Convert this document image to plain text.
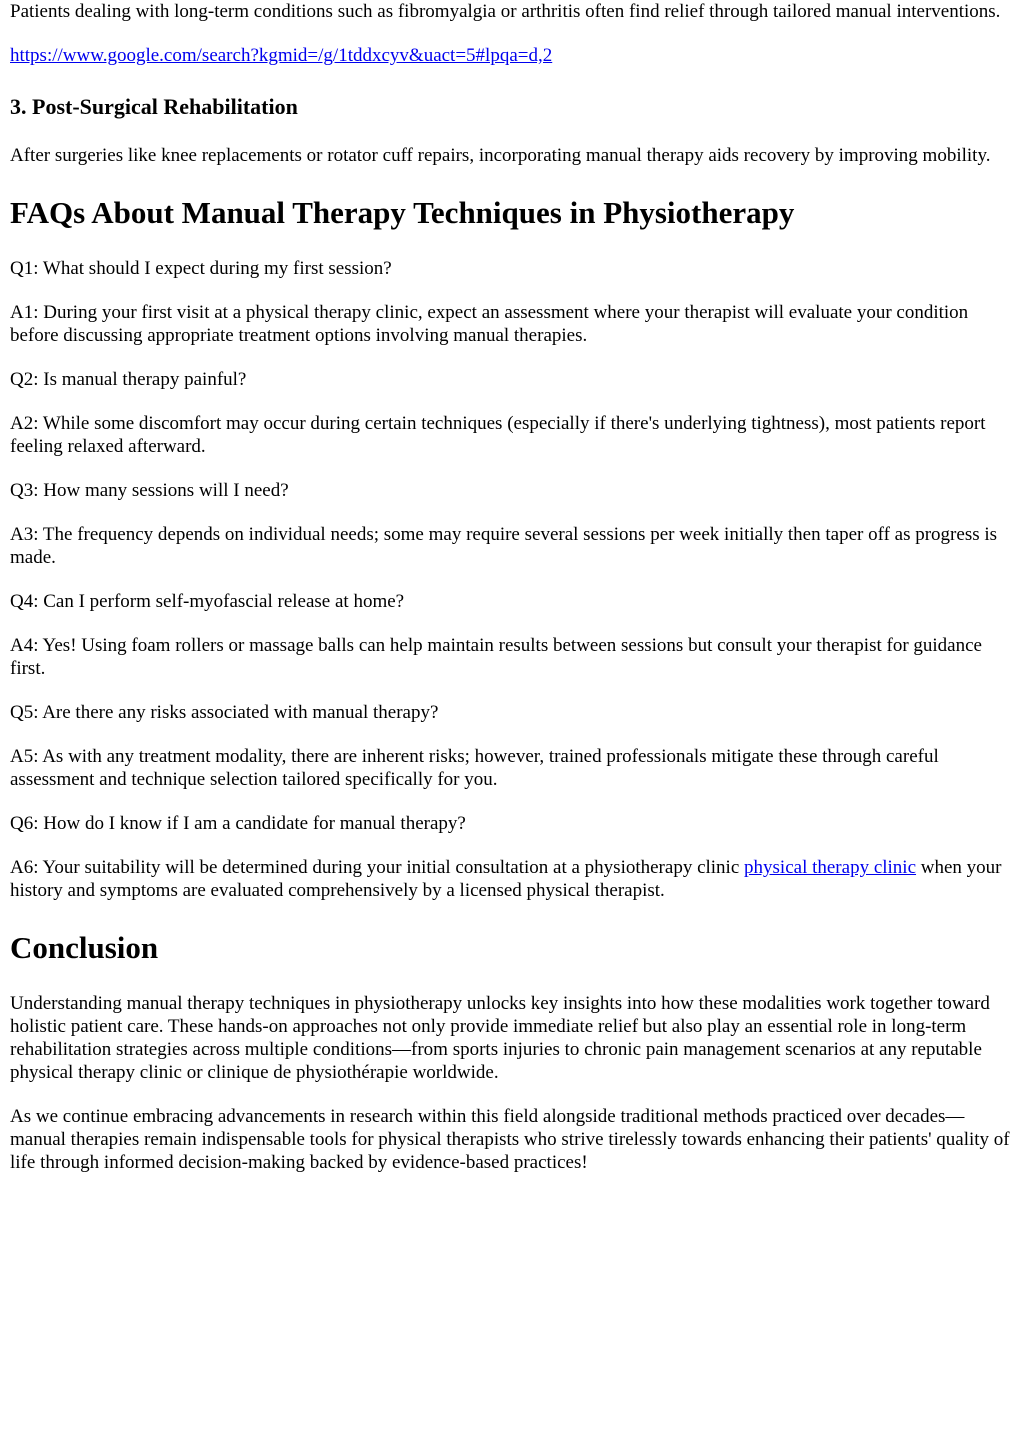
Patients dealing with long-term conditions such as fibromyalgia or arthritis often find relief through tailored manual interventions.

https://www.google.com/search?kgmid=/g/1tddxcyv&uact=5#lpqa=d,2

3. Post-Surgical Rehabilitation

After surgeries like knee replacements or rotator cuff repairs, incorporating manual therapy aids recovery by improving mobility.

FAQs About Manual Therapy Techniques in Physiotherapy

Q1: What should I expect during my first session?

A1: During your first visit at a physical therapy clinic, expect an assessment where your therapist will evaluate your condition before discussing appropriate treatment options involving manual therapies.

Q2: Is manual therapy painful?

A2: While some discomfort may occur during certain techniques (especially if there's underlying tightness), most patients report feeling relaxed afterward.

Q3: How many sessions will I need?

A3: The frequency depends on individual needs; some may require several sessions per week initially then taper off as progress is made.

Q4: Can I perform self-myofascial release at home?

A4: Yes! Using foam rollers or massage balls can help maintain results between sessions but consult your therapist for guidance first.

Q5: Are there any risks associated with manual therapy?

A5: As with any treatment modality, there are inherent risks; however, trained professionals mitigate these through careful assessment and technique selection tailored specifically for you.

Q6: How do I know if I am a candidate for manual therapy?

A6: Your suitability will be determined during your initial consultation at a physiotherapy clinic physical therapy clinic when your history and symptoms are evaluated comprehensively by a licensed physical therapist.

Conclusion

Understanding manual therapy techniques in physiotherapy unlocks key insights into how these modalities work together toward holistic patient care. These hands-on approaches not only provide immediate relief but also play an essential role in long-term rehabilitation strategies across multiple conditions—from sports injuries to chronic pain management scenarios at any reputable physical therapy clinic or clinique de physiothérapie worldwide.

As we continue embracing advancements in research within this field alongside traditional methods practiced over decades—manual therapies remain indispensable tools for physical therapists who strive tirelessly towards enhancing their patients' quality of life through informed decision-making backed by evidence-based practices!
